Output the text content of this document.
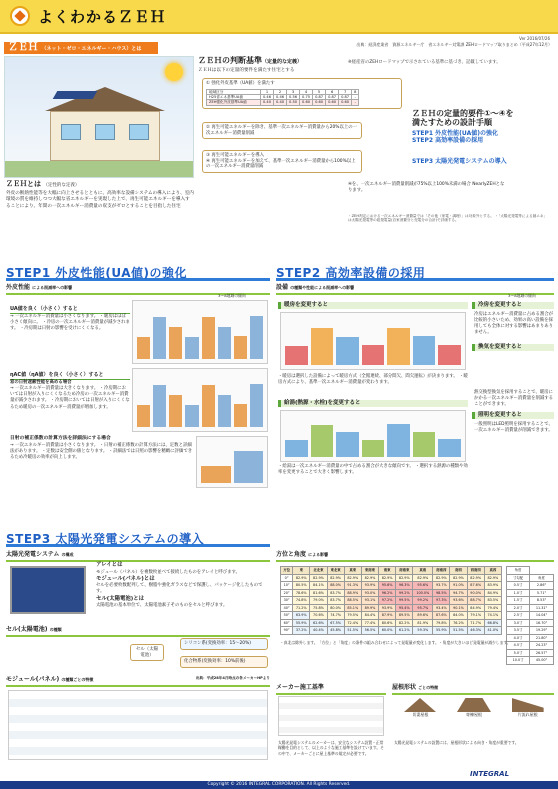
よくわかるＺＥＨ
Ver 2016/07/26
ＺＥＨ （ネット・ゼロ・エネルギー・ハウス）とは
出典：経済産業省　資源エネルギー庁　省エネルギー対策課 ZEHロードマップ取りまとめ（平成27年12月）
ＺＥＨとは （定性的な定義）

外皮の断熱性能等を大幅に向上させるとともに、高効率な設備システムの導入により、室内環境の質を維持しつつ大幅な省エネルギーを実現した上で、再生可能エネルギーを導入することにより、年間の一次エネルギー消費量の収支がゼロとすることを目指した住宅

ＺＥＨの判断基準（定量的な定義）	※経産省のZEHロードマップで示されている基準に基づき、記載しています。
ＺＥＨは以下の定量的要件を満たす住宅とする
① 強化外皮基準（UA値）を満たす
地域区分	1	2	3	4	5	6	7	8
H25省エネ基準UA値	0.46	0.46	0.56	0.75	0.87	0.87	0.87	-
ZEH強化外皮基準UA値	0.40	0.40	0.50	0.60	0.60	0.60	0.60	-
② 再生可能エネルギーを除き、基準一次エネルギー消費量から20%以上の一次エネルギー消費量削減
③ 再生可能エネルギーを導入
④ 再生可能エネルギーを加えて、基準一次エネルギー消費量から100%以上の一次エネルギー消費量削減
④を、一次エネルギー消費量削減が75%以上100%未満の場合 NearlyZEHとなります。
・ZEH判定における一次エネルギー消費量では「その他（家電・調理）」は対象外とする。 ・「太陽光発電等による創エネ」は太陽光発電等の総発電量(自家消費分と売電分の合計)で評価する。
ＺＥＨの定量的要件①〜④を
満たすための設計手順
STEP1 外皮性能(UA値)の強化
STEP2 高効率設備の採用
STEP3 太陽光発電システムの導入
STEP1 外皮性能(UA値)の強化
外皮性能 による削減率への影響
3〜8地域の傾向
UA値を良く（小さく）すると
→ 一次エネルギー消費量は小さくなります。 ・暖房はほぼ小さく傾向に。 ・冷房の一次エネルギー消費量が減少されます。 ・冷房期は日射の影響を受けにくくなる。
ηAC値（ηA値）を良く（小さく）すると
窓の日射遮蔽性能を高める場合
→ 一次エネルギー消費量は大きくなります。 ・冷房期においては日射が入りにくくなるため冷房の一次エネルギー消費量が減少されます。 ・冷房期においては日射が入りにくくなるため暖房の一次エネルギー消費量が増加します。
日射の補正係数の計算方法を詳細法にする場合
→ 一次エネルギー消費量は小さくなります。 ・日射の補正係数の計算方法には、定数と詳細法があります。 ・定数は安全側の値となります。 ・詳細法では日照の影響を精緻に評価できるため冷暖房の効率が向上します。
STEP2 高効率設備の採用
設備 の種類や性能による削減率への影響
3〜8地域の傾向
暖房を変更すると
・暖房は選択した設備によって暖房方式（全館連続、部分間欠、間欠運転）が決まります。 ・暖房方式により、基準一次エネルギー消費量が変わります。
給湯(熱源・水栓)を変更すると
・給湯は一次エネルギー消費量の中で占める割合が大きな傾向です。 ・選択する熱源の種類や効率を変更することで大きく影響します。
冷房を変更すると
冷房はエネルギー消費量に占める割合が比較的小さいため、効果の高い設備を採用しても全体に対する影響はあまりありません。
換気を変更すると
熱交換型換気を採用することで、暖房にかかる一次エネルギー消費量を削減することができます。
照明を変更すると
一般照明はLED照明を採用することで、一次エネルギー消費量が削減できます。
STEP3 太陽光発電システムの導入
太陽光発電システム の構成
アレイとは
モジュール（パネル）を複数枚並べて接続したものをアレイと呼びます。
モジュール(パネル)とは
セルを必要枚数配列して、樹脂や強化ガラスなどで保護し、パッケージ化したものです。
セル(太陽電池)とは
太陽電池の基本単位で、太陽電池素子そのものをセルと呼びます。
セル(太陽電池) の種類
セル（太陽電池）
シリコン系(変換効率：15〜20%)
化合物系(変換効率：10%前後)
モジュール(パネル) の種類ごとの特徴	出典：平成28年4月時点の各メーカーHPより
方位と角度 による影響
方位	東	北北東	東北東	真東	東南東	南東	南南東	真南	南南西	南西	西南西	真西
0°	82.9%	82.9%	82.9%	82.9%	82.9%	82.9%	82.9%	82.9%	82.9%	82.9%	82.9%	82.9%
10°	80.5%	84.1%	88.0%	91.3%	93.9%	95.6%	96.3%	95.6%	93.7%	91.0%	87.6%	83.9%
20°	78.6%	81.6%	83.7%	88.9%	93.0%	96.2%	99.2%	100.0%	98.5%	94.7%	90.0%	84.9%
30°	74.8%	79.0%	83.7%	88.5%	93.1%	97.2%	99.5%	99.2%	97.3%	93.6%	88.7%	83.5%
40°	71.2%	75.8%	80.0%	85.1%	89.9%	93.9%	95.4%	95.7%	93.4%	90.1%	84.9%	79.4%
50°	63.9%	70.6%	74.7%	79.5%	84.4%	87.9%	89.5%	89.6%	87.6%	84.0%	79.1%	74.1%
60°	55.9%	62.6%	67.5%	72.4%	77.4%	80.6%	82.2%	81.9%	79.8%	76.2%	71.7%	66.8%
90°	37.2%	40.4%	45.8%	51.5%	56.5%	60.0%	61.2%	59.3%	55.9%	51.5%	46.3%	41.0%
角度	
寸勾配	角度
0.5寸	2.86°
1.0寸	5.71°
1.5寸	8.53°
2.0寸	11.31°
2.5寸	14.04°
3.0寸	16.70°
3.5寸	19.29°
4.0寸	21.80°
4.5寸	24.23°
5.0寸	26.57°
10.0寸	45.00°
・真北は除外します。「方位」と「角度」の条件の組み合わせによって発電量が変化します。・角度が大きいほど発電量が減少します。
メーカー施工基準
太陽光発電システムのメーカーは、安全なシステム設置・正常稼働を目的として、以上のような施工基準を設けています。その中で、メーカーごとに屋上基準の規定が必要です。
屋根形状 ごとの特徴
切妻屋根	寄棟屋根	片流れ屋根
太陽光発電システムの設置には、屋根形状による向き・角度が重要です。
INTEGRAL
Copyright © 2016 INTEGRAL CORPORATION. All Rights Reserved.
